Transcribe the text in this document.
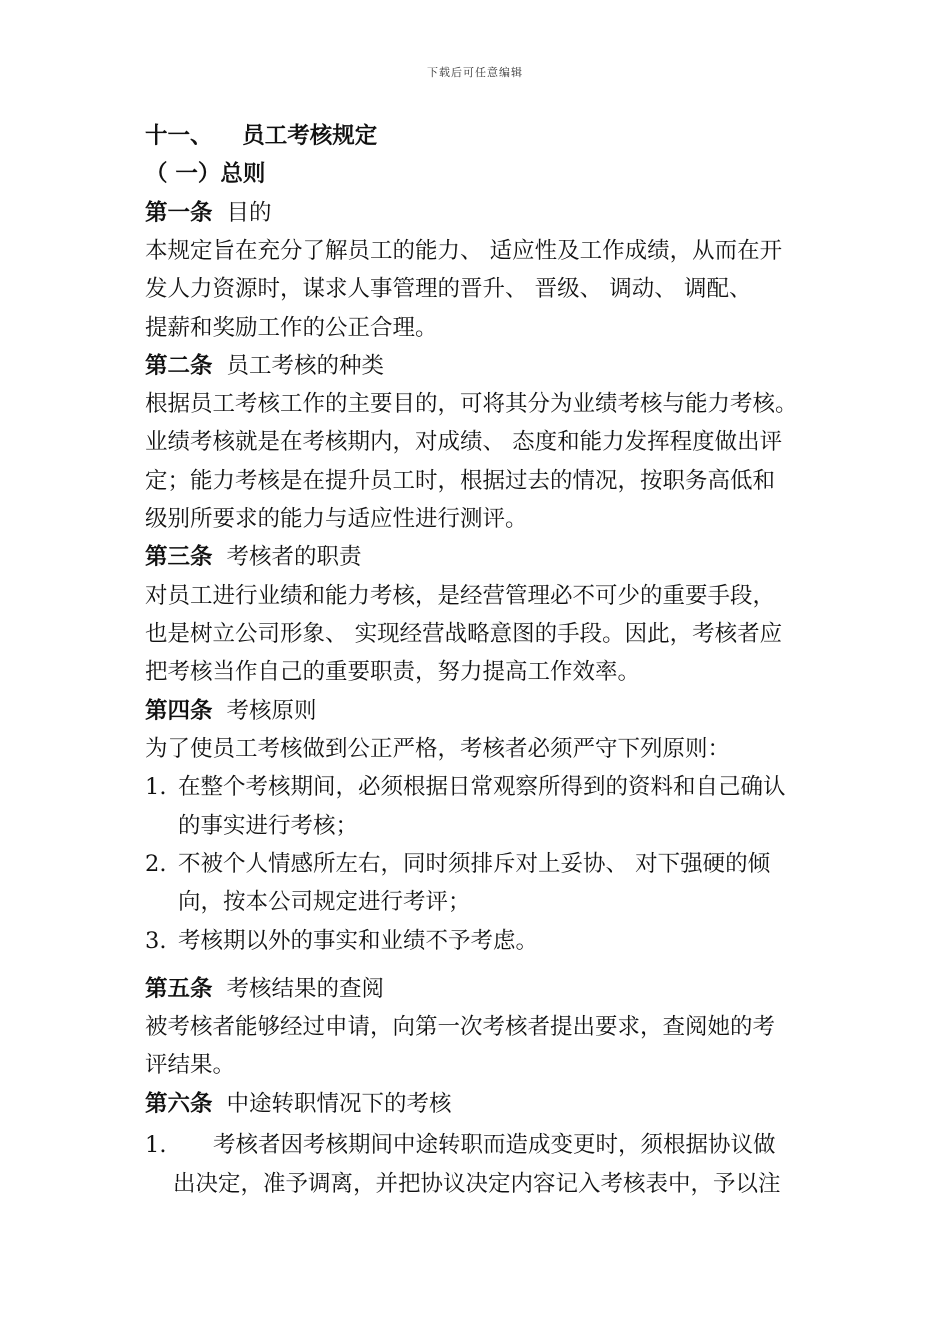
下载后可任意编辑
十一、 员工考核规定
（ 一）总则
第一条 目的
本规定旨在充分了解员工的能力、 适应性及工作成绩，从而在开
发人力资源时，谋求人事管理的晋升、 晋级、 调动、 调配、
提薪和奖励工作的公正合理。
第二条 员工考核的种类
根据员工考核工作的主要目的，可将其分为业绩考核与能力考核。
业绩考核就是在考核期内，对成绩、 态度和能力发挥程度做出评
定；能力考核是在提升员工时，根据过去的情况，按职务高低和
级别所要求的能力与适应性进行测评。
第三条 考核者的职责
对员工进行业绩和能力考核，是经营管理必不可少的重要手段，
也是树立公司形象、 实现经营战略意图的手段。因此，考核者应
把考核当作自己的重要职责，努力提高工作效率。
第四条 考核原则
为了使员工考核做到公正严格，考核者必须严守下列原则：
1. 在整个考核期间，必须根据日常观察所得到的资料和自己确认
的事实进行考核；
2. 不被个人情感所左右，同时须排斥对上妥协、 对下强硬的倾
向，按本公司规定进行考评；
3. 考核期以外的事实和业绩不予考虑。
第五条 考核结果的查阅
被考核者能够经过申请，向第一次考核者提出要求，查阅她的考
评结果。
第六条 中途转职情况下的考核
1. 考核者因考核期间中途转职而造成变更时，须根据协议做
出决定，准予调离，并把协议决定内容记入考核表中，予以注
